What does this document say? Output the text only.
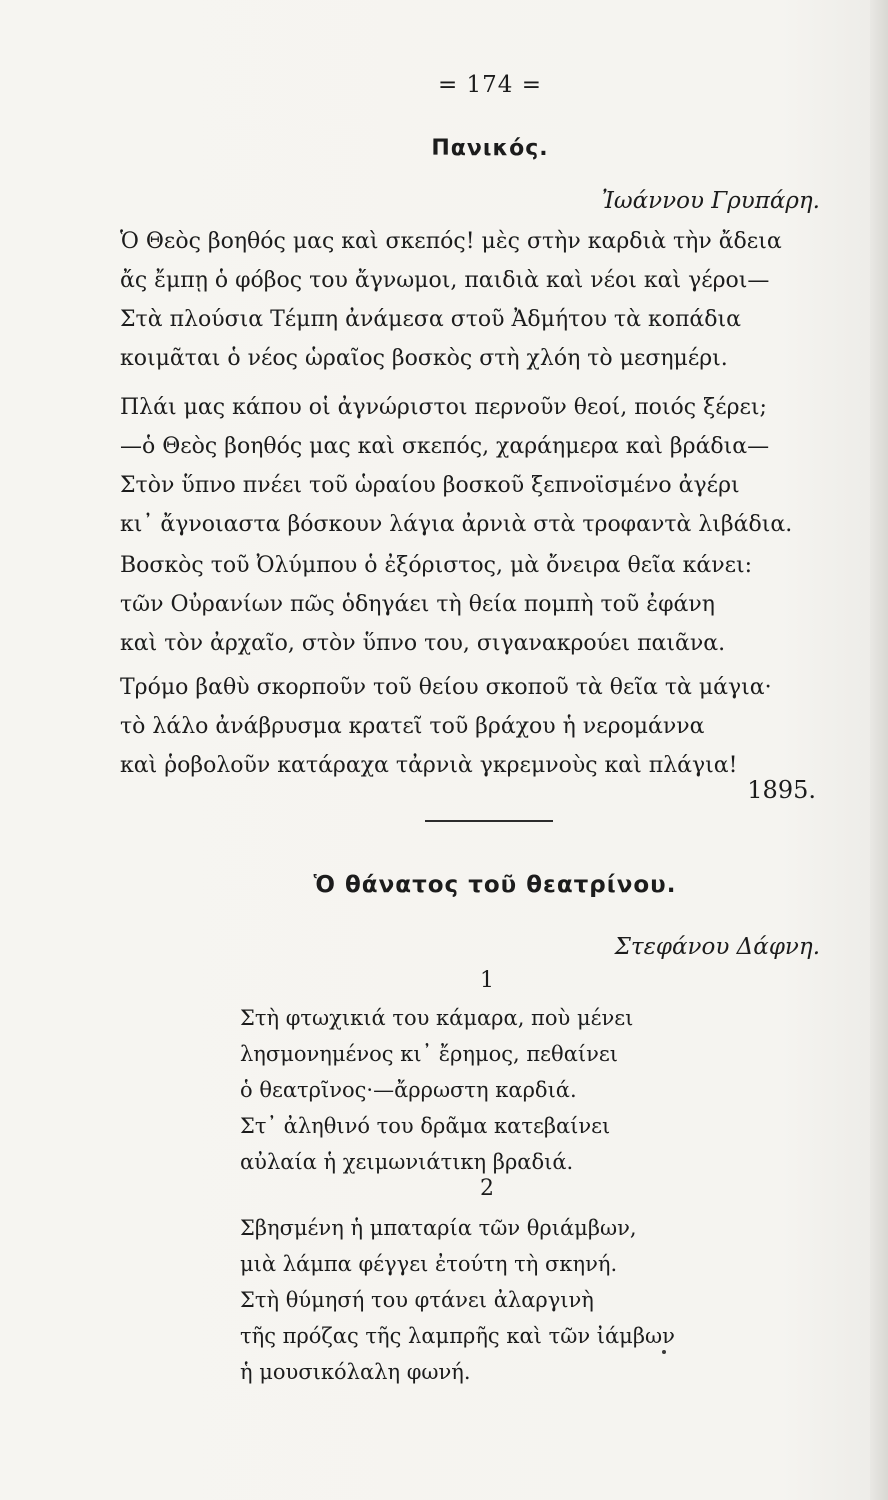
= 174 =
Πανικός.
Ἰωάννου Γρυπάρη.
Ὁ Θεὸς βοηθός μας καὶ σκεπός! μὲς στὴν καρδιὰ τὴν ἄδεια
ἄς ἔμπῃ ὁ φόβος του ἄγνωμοι, παιδιὰ καὶ νέοι καὶ γέροι—
Στὰ πλούσια Τέμπη ἀνάμεσα στοῦ Ἀδμήτου τὰ κοπάδια
κοιμᾶται ὁ νέος ὡραῖος βοσκὸς στὴ χλόη τὸ μεσημέρι.
Πλάι μας κάπου οἱ ἀγνώριστοι περνοῦν θεοί, ποιός ξέρει;
—ὁ Θεὸς βοηθός μας καὶ σκεπός, χαράημερα καὶ βράδια—
Στὸν ὕπνο πνέει τοῦ ὡραίου βοσκοῦ ξεπνοϊσμένο ἀγέρι
κι᾽ ἄγνοιαστα βόσκουν λάγια ἀρνιὰ στὰ τροφαντὰ λιβάδια.
Βοσκὸς τοῦ Ὀλύμπου ὁ ἐξόριστος, μὰ ὄνειρα θεῖα κάνει:
τῶν Οὐρανίων πῶς ὁδηγάει τὴ θεία πομπὴ τοῦ ἐφάνη
καὶ τὸν ἀρχαῖο, στὸν ὕπνο του, σιγανακρούει παιᾶνα.
Τρόμο βαθὺ σκορποῦν τοῦ θείου σκοποῦ τὰ θεῖα τὰ μάγια·
τὸ λάλο ἀνάβρυσμα κρατεῖ τοῦ βράχου ἡ νερομάννα
καὶ ῥοβολοῦν κατάραχα τἀρνιὰ γκρεμνοὺς καὶ πλάγια!
1895.
Ὁ θάνατος τοῦ θεατρίνου.
Στεφάνου Δάφνη.
1
Στὴ φτωχικιά του κάμαρα, ποὺ μένει
λησμονημένος κι᾽ ἔρημος, πεθαίνει
ὁ θεατρῖνος·—ἄρρωστη καρδιά.
Στ᾽ ἀληθινό του δρᾶμα κατεβαίνει
αὐλαία ἡ χειμωνιάτικη βραδιά.
2
Σβησμένη ἡ μπαταρία τῶν θριάμβων,
μιὰ λάμπα φέγγει ἐτούτη τὴ σκηνή.
Στὴ θύμησή του φτάνει ἀλαργινὴ
τῆς πρόζας τῆς λαμπρῆς καὶ τῶν ἰάμβων
ἡ μουσικόλαλη φωνή.
